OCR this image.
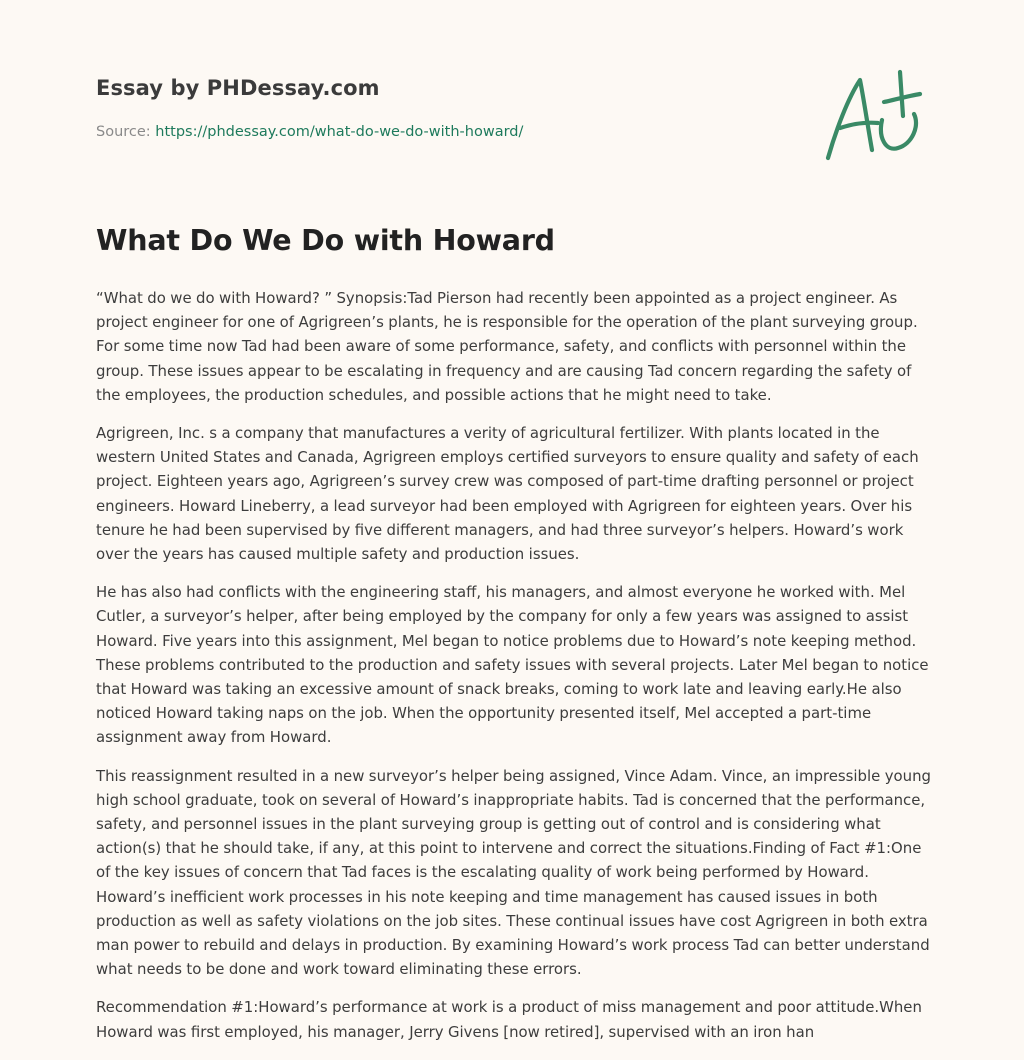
Essay by PHDessay.com
Source: https://phdessay.com/what-do-we-do-with-howard/
What Do We Do with Howard

“What do we do with Howard? ” Synopsis:Tad Pierson had recently been appointed as a project engineer. As project engineer for one of Agrigreen’s plants, he is responsible for the operation of the plant surveying group. For some time now Tad had been aware of some performance, safety, and conflicts with personnel within the group. These issues appear to be escalating in frequency and are causing Tad concern regarding the safety of the employees, the production schedules, and possible actions that he might need to take.

Agrigreen, Inc. s a company that manufactures a verity of agricultural fertilizer. With plants located in the western United States and Canada, Agrigreen employs certified surveyors to ensure quality and safety of each project. Eighteen years ago, Agrigreen’s survey crew was composed of part-time drafting personnel or project engineers. Howard Lineberry, a lead surveyor had been employed with Agrigreen for eighteen years. Over his tenure he had been supervised by five different managers, and had three surveyor’s helpers. Howard’s work over the years has caused multiple safety and production issues.

He has also had conflicts with the engineering staff, his managers, and almost everyone he worked with. Mel Cutler, a surveyor’s helper, after being employed by the company for only a few years was assigned to assist Howard. Five years into this assignment, Mel began to notice problems due to Howard’s note keeping method. These problems contributed to the production and safety issues with several projects. Later Mel began to notice that Howard was taking an excessive amount of snack breaks, coming to work late and leaving early.He also noticed Howard taking naps on the job. When the opportunity presented itself, Mel accepted a part-time assignment away from Howard.

This reassignment resulted in a new surveyor’s helper being assigned, Vince Adam. Vince, an impressible young high school graduate, took on several of Howard’s inappropriate habits. Tad is concerned that the performance, safety, and personnel issues in the plant surveying group is getting out of control and is considering what action(s) that he should take, if any, at this point to intervene and correct the situations.Finding of Fact #1:One of the key issues of concern that Tad faces is the escalating quality of work being performed by Howard. Howard’s inefficient work processes in his note keeping and time management has caused issues in both production as well as safety violations on the job sites. These continual issues have cost Agrigreen in both extra man power to rebuild and delays in production. By examining Howard’s work process Tad can better understand what needs to be done and work toward eliminating these errors.

Recommendation #1:Howard’s performance at work is a product of miss management and poor attitude.When Howard was first employed, his manager, Jerry Givens [now retired], supervised with an iron han
